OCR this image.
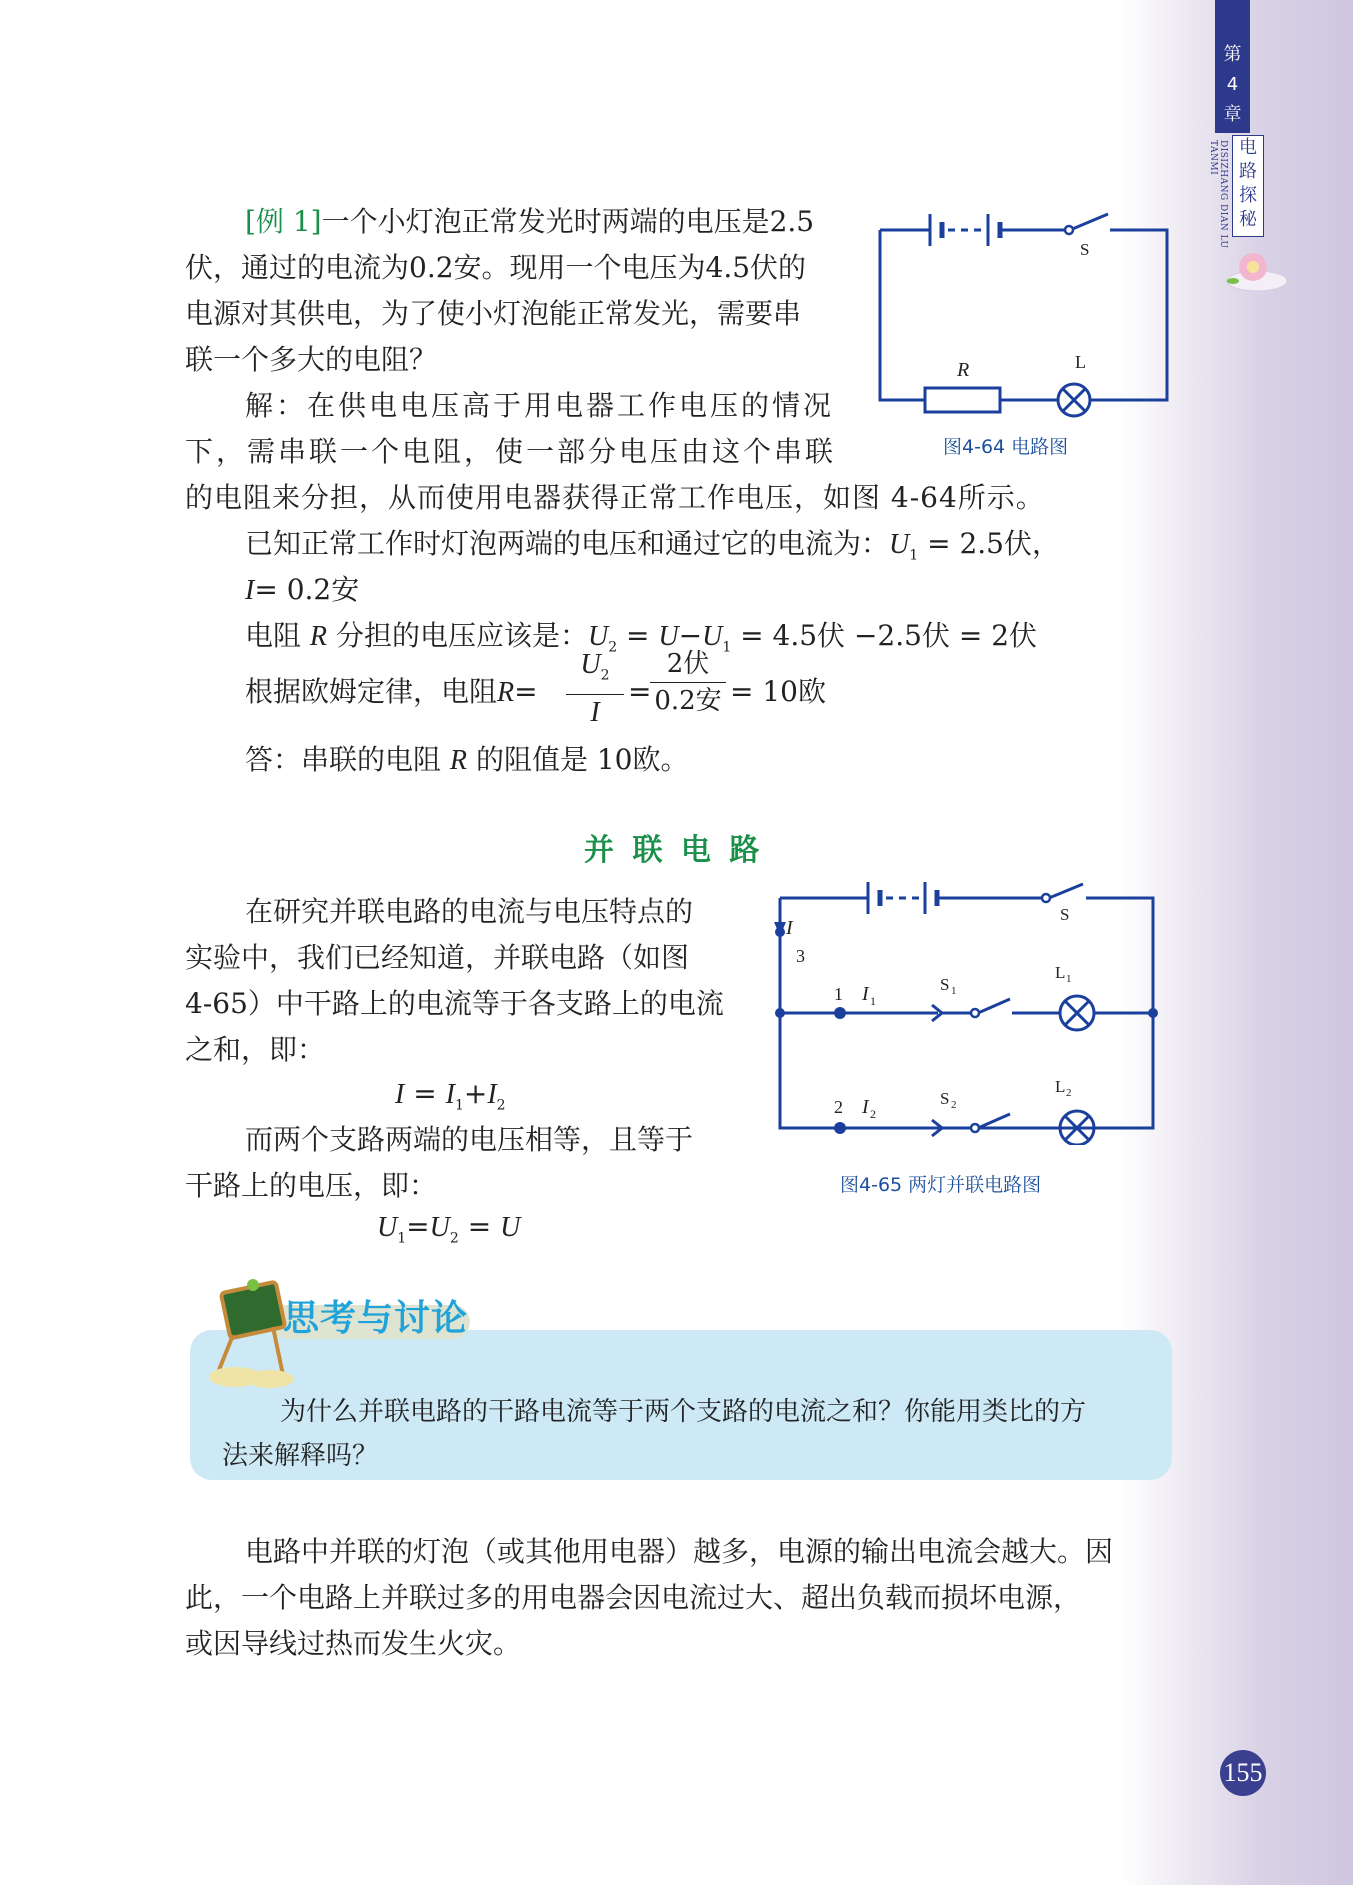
第
4
章
DISIZHANG DIAN LU TANMI	电
路
探
秘
[例 1]一个小灯泡正常发光时两端的电压是2.5
伏，通过的电流为0.2安。现用一个电压为4.5伏的
电源对其供电，为了使小灯泡能正常发光，需要串
联一个多大的电阻？
解：在供电电压高于用电器工作电压的情况
下，需串联一个电阻，使一部分电压由这个串联
的电阻来分担，从而使用电器获得正常工作电压，如图 4-64所示。
已知正常工作时灯泡两端的电压和通过它的电流为：$U_1 = 2.5$伏，
I= 0.2安
电阻 R 分担的电压应该是：$U_2 = U-U_1 = 4.5$伏 −2.5伏 = 2伏
根据欧姆定律，电阻R=
$U_2$
I
=
2伏
0.2安 = 10欧
答：串联的电阻 R 的阻值是 10欧。
S
R	L
图4-64 电路图
并 联 电 路
在研究并联电路的电流与电压特点的
实验中，我们已经知道，并联电路（如图
4-65）中干路上的电流等于各支路上的电流
之和，即：
$I = I_1+I_2$
而两个支路两端的电压相等，且等于
干路上的电压，即：
$U_1=U_2 = U$
S
I
3
1 I 1
S 1
L 1
2 I 2
S 2
L 2
图4-65 两灯并联电路图
思考与讨论
为什么并联电路的干路电流等于两个支路的电流之和？你能用类比的方
法来解释吗？
电路中并联的灯泡（或其他用电器）越多，电源的输出电流会越大。因
此，一个电路上并联过多的用电器会因电流过大、超出负载而损坏电源，
或因导线过热而发生火灾。
155
